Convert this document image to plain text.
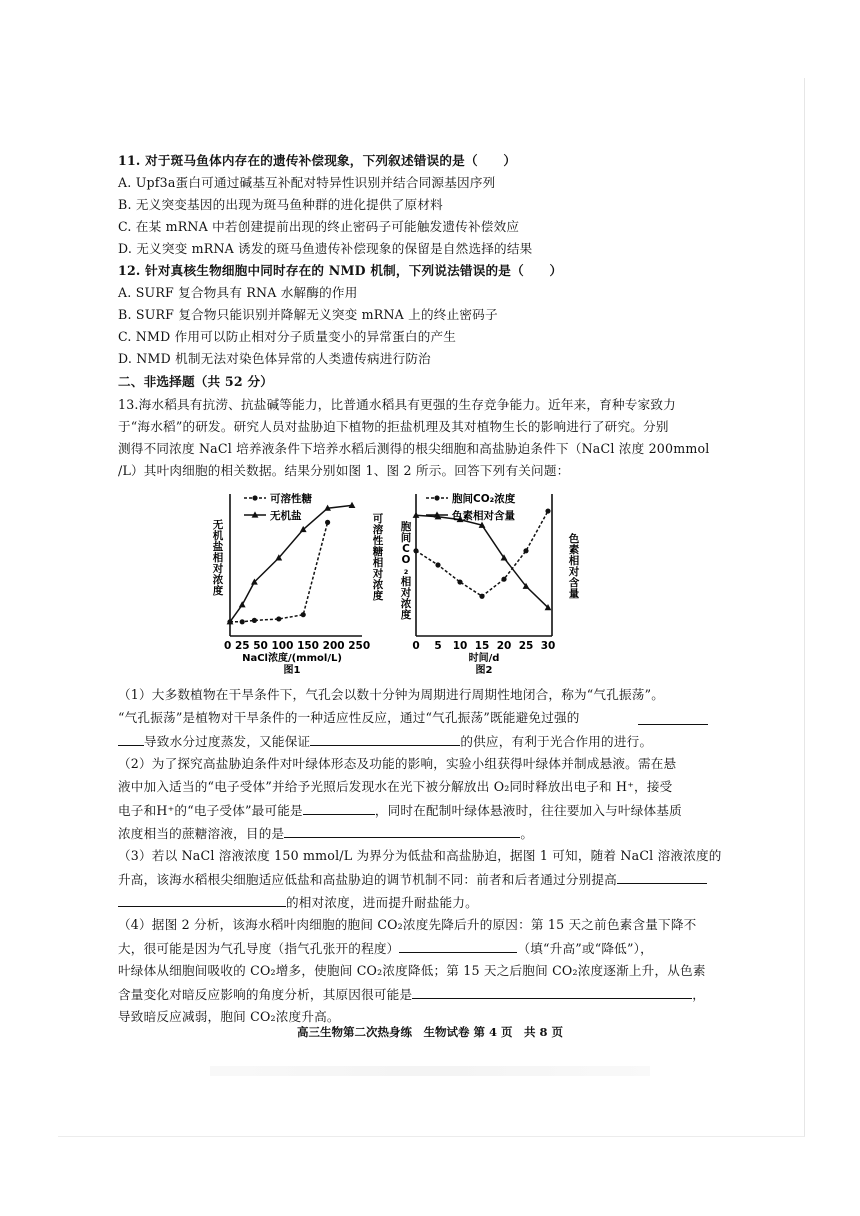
11. 对于斑马鱼体内存在的遗传补偿现象，下列叙述错误的是（　　）
A. Upf3a蛋白可通过碱基互补配对特异性识别并结合同源基因序列
B. 无义突变基因的出现为斑马鱼种群的进化提供了原材料
C. 在某 mRNA 中若创建提前出现的终止密码子可能触发遗传补偿效应
D. 无义突变 mRNA 诱发的斑马鱼遗传补偿现象的保留是自然选择的结果
12. 针对真核生物细胞中同时存在的 NMD 机制，下列说法错误的是（　　）
A. SURF 复合物具有 RNA 水解酶的作用
B. SURF 复合物只能识别并降解无义突变 mRNA 上的终止密码子
C. NMD 作用可以防止相对分子质量变小的异常蛋白的产生
D. NMD 机制无法对染色体异常的人类遗传病进行防治
二、非选择题（共 52 分）
13.海水稻具有抗涝、抗盐碱等能力，比普通水稻具有更强的生存竞争能力。近年来，育种专家致力
于“海水稻”的研发。研究人员对盐胁迫下植物的拒盐机理及其对植物生长的影响进行了研究。分别
测得不同浓度 NaCl 培养液条件下培养水稻后测得的根尖细胞和高盐胁迫条件下（NaCl 浓度 200mmol
/L）其叶肉细胞的相关数据。结果分别如图 1、图 2 所示。回答下列有关问题：
可溶性糖
无机盐
无机盐相对浓度
可溶性糖相对浓度
0 25 50 100 150 200 250
NaCl浓度/(mmol/L)
图1
胞间CO₂浓度
色素相对含量
胞间 C O ₂ 相对浓度
色素相对含量
0 5 10 15 20 25 30
时间/d
图2
（1）大多数植物在干旱条件下，气孔会以数十分钟为周期进行周期性地闭合，称为“气孔振荡”。
“气孔振荡”是植物对干旱条件的一种适应性反应，通过“气孔振荡”既能避免过强的
导致水分过度蒸发，又能保证	的供应，有利于光合作用的进行。
（2）为了探究高盐胁迫条件对叶绿体形态及功能的影响，实验小组获得叶绿体并制成悬液。需在悬
液中加入适当的“电子受体”并给予光照后发现水在光下被分解放出 O₂同时释放出电子和 H⁺，接受
电子和H⁺的“电子受体”最可能是	，同时在配制叶绿体悬液时，往往要加入与叶绿体基质
浓度相当的蔗糖溶液，目的是	。
（3）若以 NaCl 溶液浓度 150 mmol/L 为界分为低盐和高盐胁迫，据图 1 可知，随着 NaCl 溶液浓度的
升高，该海水稻根尖细胞适应低盐和高盐胁迫的调节机制不同：前者和后者通过分别提高
的相对浓度，进而提升耐盐能力。
（4）据图 2 分析，该海水稻叶肉细胞的胞间 CO₂浓度先降后升的原因：第 15 天之前色素含量下降不
大，很可能是因为气孔导度（指气孔张开的程度）	（填“升高”或“降低”），
叶绿体从细胞间吸收的 CO₂增多，使胞间 CO₂浓度降低；第 15 天之后胞间 CO₂浓度逐渐上升，从色素
含量变化对暗反应影响的角度分析，其原因很可能是	，
导致暗反应减弱，胞间 CO₂浓度升高。
高三生物第二次热身练　生物试卷 第 4 页　共 8 页
